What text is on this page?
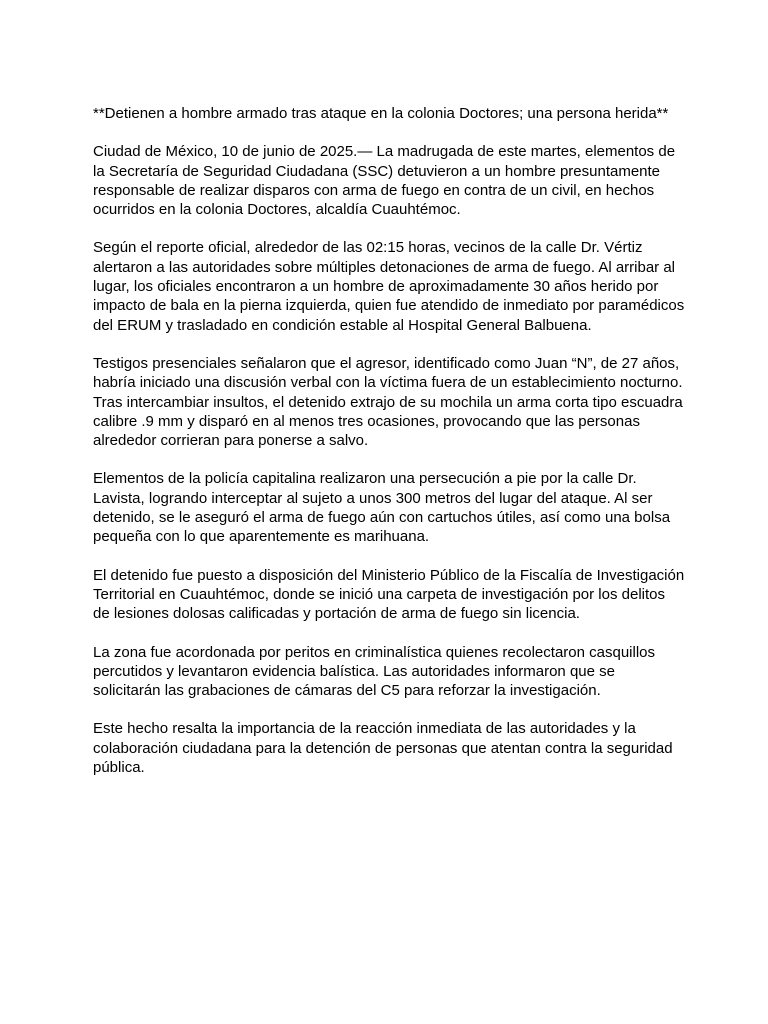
**Detienen a hombre armado tras ataque en la colonia Doctores; una persona herida**

Ciudad de México, 10 de junio de 2025.— La madrugada de este martes, elementos de la Secretaría de Seguridad Ciudadana (SSC) detuvieron a un hombre presuntamente responsable de realizar disparos con arma de fuego en contra de un civil, en hechos ocurridos en la colonia Doctores, alcaldía Cuauhtémoc.

Según el reporte oficial, alrededor de las 02:15 horas, vecinos de la calle Dr. Vértiz alertaron a las autoridades sobre múltiples detonaciones de arma de fuego. Al arribar al lugar, los oficiales encontraron a un hombre de aproximadamente 30 años herido por impacto de bala en la pierna izquierda, quien fue atendido de inmediato por paramédicos del ERUM y trasladado en condición estable al Hospital General Balbuena.

Testigos presenciales señalaron que el agresor, identificado como Juan “N”, de 27 años, habría iniciado una discusión verbal con la víctima fuera de un establecimiento nocturno. Tras intercambiar insultos, el detenido extrajo de su mochila un arma corta tipo escuadra calibre .9 mm y disparó en al menos tres ocasiones, provocando que las personas alrededor corrieran para ponerse a salvo.

Elementos de la policía capitalina realizaron una persecución a pie por la calle Dr. Lavista, logrando interceptar al sujeto a unos 300 metros del lugar del ataque. Al ser detenido, se le aseguró el arma de fuego aún con cartuchos útiles, así como una bolsa pequeña con lo que aparentemente es marihuana.

El detenido fue puesto a disposición del Ministerio Público de la Fiscalía de Investigación Territorial en Cuauhtémoc, donde se inició una carpeta de investigación por los delitos de lesiones dolosas calificadas y portación de arma de fuego sin licencia.

La zona fue acordonada por peritos en criminalística quienes recolectaron casquillos percutidos y levantaron evidencia balística. Las autoridades informaron que se solicitarán las grabaciones de cámaras del C5 para reforzar la investigación.

Este hecho resalta la importancia de la reacción inmediata de las autoridades y la colaboración ciudadana para la detención de personas que atentan contra la seguridad pública.
